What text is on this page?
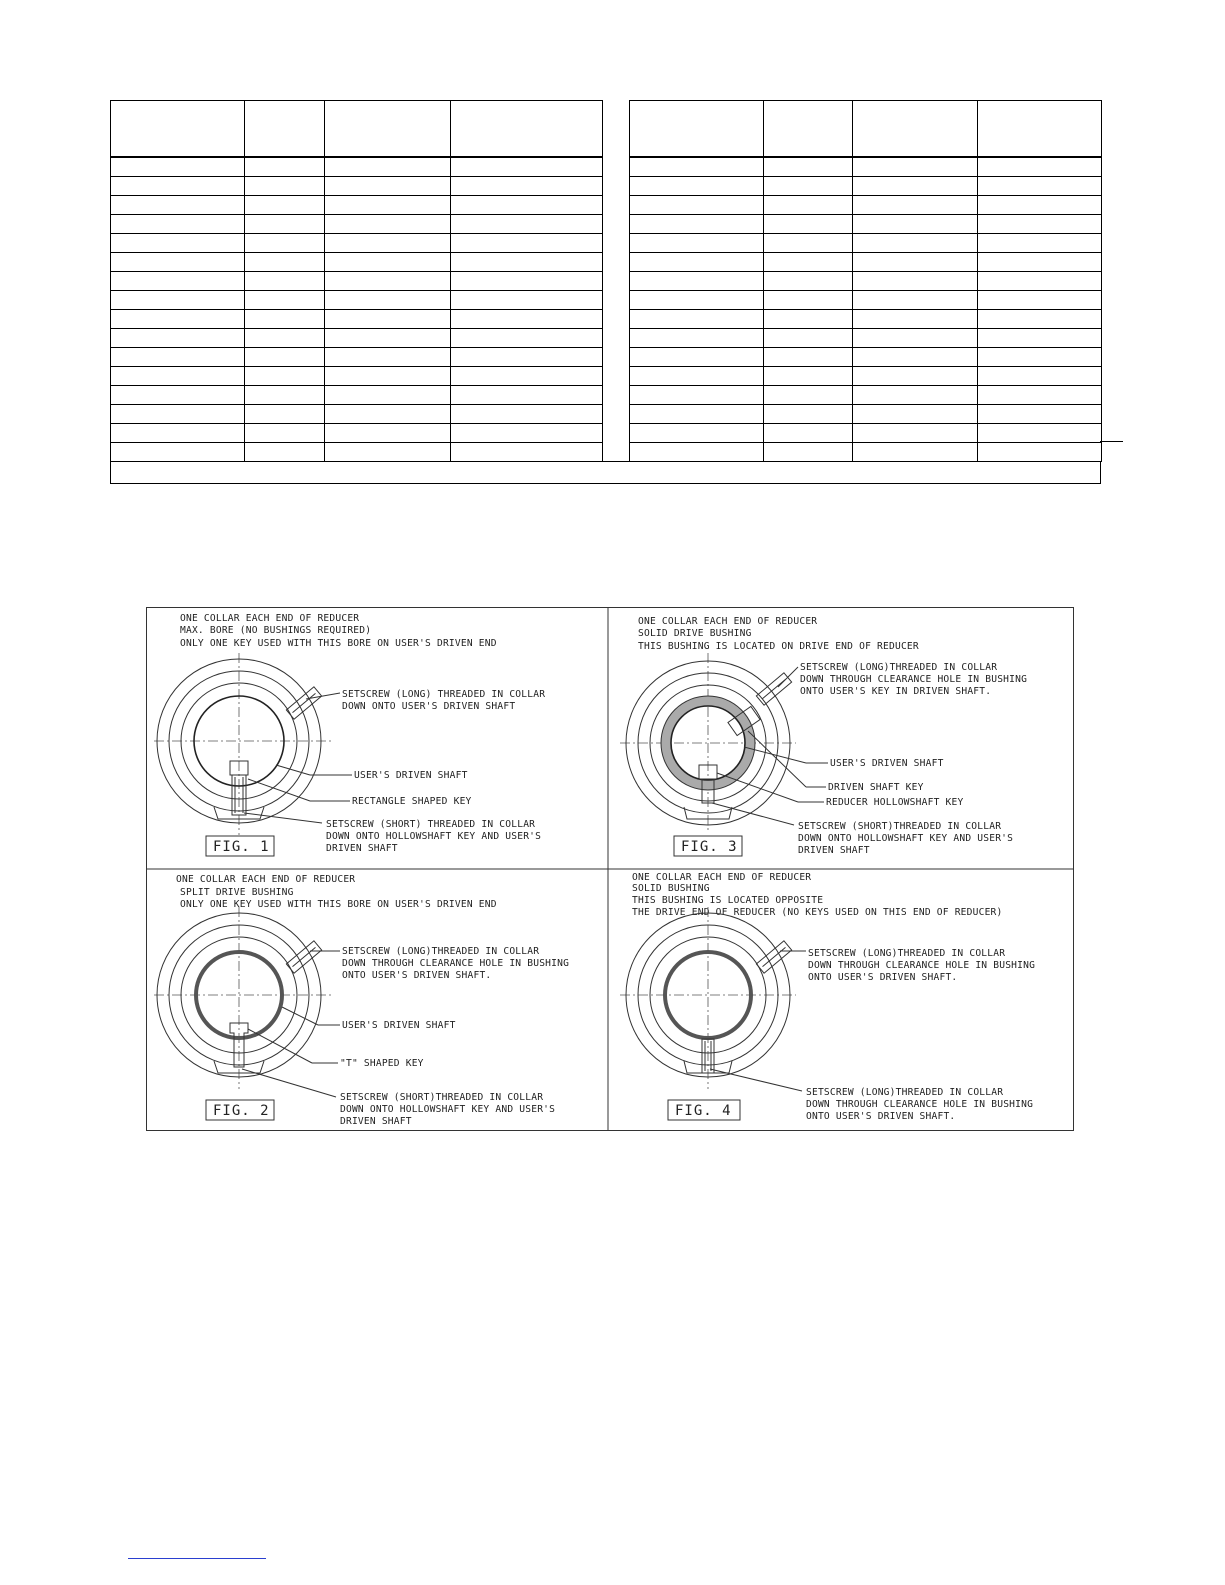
ONE COLLAR EACH END OF REDUCER
MAX. BORE (NO BUSHINGS REQUIRED)
ONLY ONE KEY USED WITH THIS BORE ON USER'S DRIVEN END
SETSCREW (LONG) THREADED IN COLLAR
DOWN ONTO USER'S DRIVEN SHAFT
USER'S DRIVEN SHAFT
RECTANGLE SHAPED KEY
SETSCREW (SHORT) THREADED IN COLLAR
DOWN ONTO HOLLOWSHAFT KEY AND USER'S
DRIVEN SHAFT
FIG. 1
ONE COLLAR EACH END OF REDUCER
SOLID DRIVE BUSHING
THIS BUSHING IS LOCATED ON DRIVE END OF REDUCER
SETSCREW (LONG)THREADED IN COLLAR
DOWN THROUGH CLEARANCE HOLE IN BUSHING
ONTO USER'S KEY IN DRIVEN SHAFT.
USER'S DRIVEN SHAFT
DRIVEN SHAFT KEY
REDUCER HOLLOWSHAFT KEY
SETSCREW (SHORT)THREADED IN COLLAR
DOWN ONTO HOLLOWSHAFT KEY AND USER'S
DRIVEN SHAFT
FIG. 3
ONE COLLAR EACH END OF REDUCER
SPLIT DRIVE BUSHING
ONLY ONE KEY USED WITH THIS BORE ON USER'S DRIVEN END
SETSCREW (LONG)THREADED IN COLLAR
DOWN THROUGH CLEARANCE HOLE IN BUSHING
ONTO USER'S DRIVEN SHAFT.
USER'S DRIVEN SHAFT
"T" SHAPED KEY
SETSCREW (SHORT)THREADED IN COLLAR
DOWN ONTO HOLLOWSHAFT KEY AND USER'S
DRIVEN SHAFT
FIG. 2
ONE COLLAR EACH END OF REDUCER
SOLID BUSHING
THIS BUSHING IS LOCATED OPPOSITE
THE DRIVE END OF REDUCER (NO KEYS USED ON THIS END OF REDUCER)
SETSCREW (LONG)THREADED IN COLLAR
DOWN THROUGH CLEARANCE HOLE IN BUSHING
ONTO USER'S DRIVEN SHAFT.
SETSCREW (LONG)THREADED IN COLLAR
DOWN THROUGH CLEARANCE HOLE IN BUSHING
ONTO USER'S DRIVEN SHAFT.
FIG. 4
